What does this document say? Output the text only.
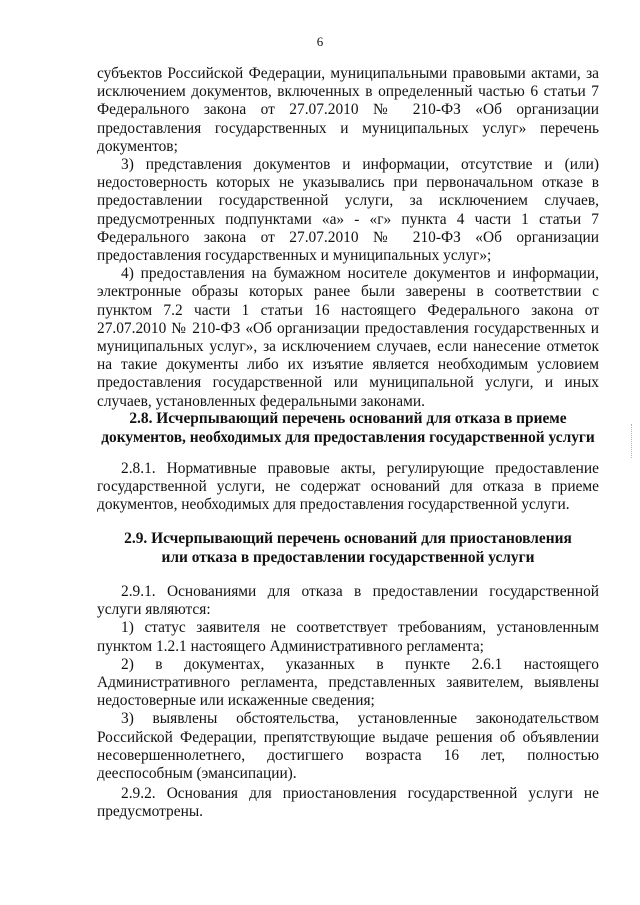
6

субъектов Российской Федерации, муниципальными правовыми актами, за исключением документов, включенных в определенный частью 6 статьи 7 Федерального закона от 27.07.2010 № 210-ФЗ «Об организации предоставления государственных и муниципальных услуг» перечень документов;

3) представления документов и информации, отсутствие и (или) недостоверность которых не указывались при первоначальном отказе в предоставлении государственной услуги, за исключением случаев, предусмотренных подпунктами «а» - «г» пункта 4 части 1 статьи 7 Федерального закона от 27.07.2010 № 210-ФЗ «Об организации предоставления государственных и муниципальных услуг»;

4) предоставления на бумажном носителе документов и информации, электронные образы которых ранее были заверены в соответствии с пунктом 7.2 части 1 статьи 16 настоящего Федерального закона от 27.07.2010 № 210-ФЗ «Об организации предоставления государственных и муниципальных услуг», за исключением случаев, если нанесение отметок на такие документы либо их изъятие является необходимым условием предоставления государственной или муниципальной услуги, и иных случаев, установленных федеральными законами.

2.8. Исчерпывающий перечень оснований для отказа в приеме
документов, необходимых для предоставления государственной услуги

2.8.1. Нормативные правовые акты, регулирующие предоставление государственной услуги, не содержат оснований для отказа в приеме документов, необходимых для предоставления государственной услуги.

2.9. Исчерпывающий перечень оснований для приостановления
или отказа в предоставлении государственной услуги

2.9.1. Основаниями для отказа в предоставлении государственной услуги являются:

1) статус заявителя не соответствует требованиям, установленным пунктом 1.2.1 настоящего Административного регламента;

2) в документах, указанных в пункте 2.6.1 настоящего Административного регламента, представленных заявителем, выявлены недостоверные или искаженные сведения;

3) выявлены обстоятельства, установленные законодательством Российской Федерации, препятствующие выдаче решения об объявлении несовершеннолетнего, достигшего возраста 16 лет, полностью дееспособным (эмансипации).

2.9.2. Основания для приостановления государственной услуги не предусмотрены.
